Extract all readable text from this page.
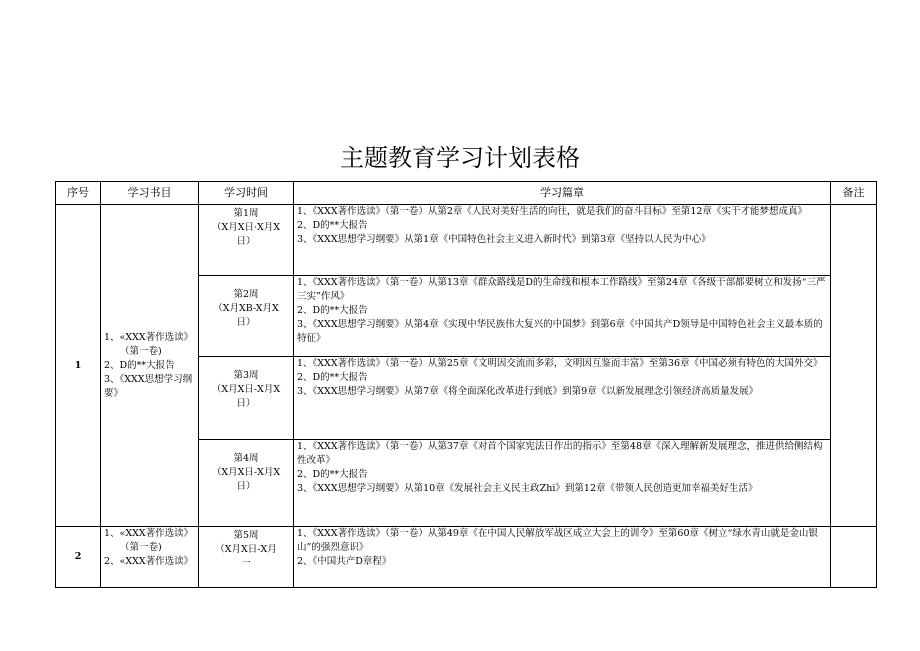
主题教育学习计划表格
序号	学习书目	学习时间	学习篇章	备注
1	1、«XXX著作选读》
（第一卷)
2、D的**大报告
3、《XXX思想学习纲要》	第1周
（X月X日·X月X
日）	1、《XXX著作选读》（第一卷）从第2章《人民对美好生活的向往，就是我们的奋斗目标》至第12章《实干才能梦想成真》
2、D的**大报告
3、《XXX思想学习纲要》从第1章《中国特色社会主义进入新时代》到第3章《坚持以人民为中心》	

		第2周
（X月XB-X月X
日）	1、《XXX著作选读》（第一卷）从第13章《群众路线是D的生命线和根本工作路线》至第24章《各级干部都要树立和发扬“三严三实”作风》
2、D的**大报告
3、《XXX思想学习纲要》从第4章《实现中华民族伟大复兴的中国梦》到第6章《中国共产D领导是中国特色社会主义最本质的特征》	

		第3周
（X月X日-X月X
日）	1、《XXX著作选读》（第一卷）从第25章《文明因交流而多彩，文明因互鉴而丰富》至第36章《中国必须有特色的大国外交》
2、D的**大报告
3、《XXX思想学习纲要》从第7章《将全面深化改革进行到底》到第9章《以新发展理念引领经济高质量发展》	

		第4周
（X月X日-X月X
日）	1、《XXX著作选读》（第一卷）从第37章《对首个国家宪法日作出的指示》至第48章《深入理解新发展理念，推进供给侧结构性改革》
2、D的**大报告
3、《XXX思想学习纲要》从第10章《发展社会主义民主政Zhi》到第12章《带领人民创造更加幸福美好生活》	

2	1、«XXX著作选读》
（第一卷)
2、«XXX著作选读》	第5周
（X月X日-X月
一	1、《XXX著作选读》（第一卷）从第49章《在中国人民解放军战区成立大会上的训令》至第60章《树立“绿水青山就是金山银山”的强烈意识》
2、《中国共产D章程》	
